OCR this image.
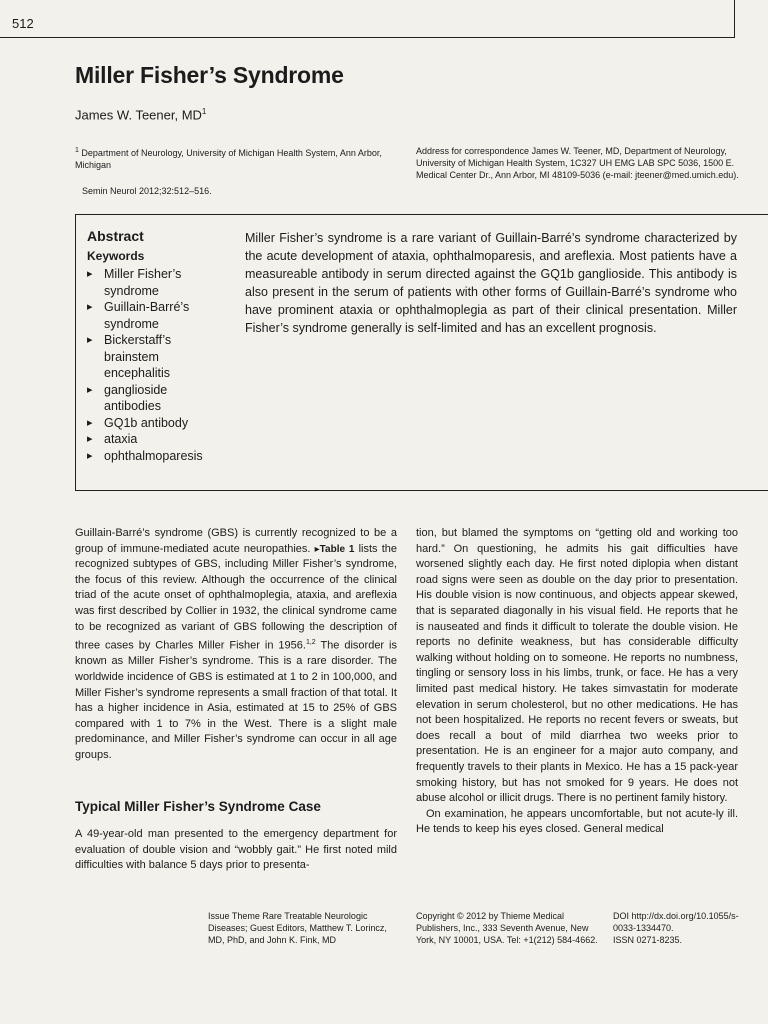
512
Miller Fisher’s Syndrome
James W. Teener, $MD^1$
$^1$ Department of Neurology, University of Michigan Health System, Ann Arbor, Michigan
Semin Neurol 2012;32:512–516.
Address for correspondence James W. Teener, MD, Department of Neurology, University of Michigan Health System, 1C327 UH EMG LAB SPC 5036, 1500 E. Medical Center Dr., Ann Arbor, MI 48109-5036 (e-mail: jteener@med.umich.edu).
Abstract
Keywords
▸ Miller Fisher’s syndrome
▸ Guillain-Barré’s syndrome
▸ Bickerstaff’s brainstem encephalitis
▸ ganglioside antibodies
▸ GQ1b antibody
▸ ataxia
▸ ophthalmoparesis
Miller Fisher’s syndrome is a rare variant of Guillain-Barré’s syndrome characterized by the acute development of ataxia, ophthalmoparesis, and areflexia. Most patients have a measureable antibody in serum directed against the GQ1b ganglioside. This antibody is also present in the serum of patients with other forms of Guillain-Barré’s syndrome who have prominent ataxia or ophthalmoplegia as part of their clinical presentation. Miller Fisher’s syndrome generally is self-limited and has an excellent prognosis.

Guillain-Barré’s syndrome (GBS) is currently recognized to be a group of immune-mediated acute neuropathies. ▸Table 1 lists the recognized subtypes of GBS, including Miller Fisher’s syndrome, the focus of this review. Although the occurrence of the clinical triad of the acute onset of ophthalmoplegia, ataxia, and areflexia was first described by Collier in 1932, the clinical syndrome came to be recognized as variant of GBS following the description of three cases by Charles Miller Fisher in 1956.$^{1,2}$ The disorder is known as Miller Fisher’s syndrome. This is a rare disorder. The worldwide incidence of GBS is estimated at 1 to 2 in 100,000, and Miller Fisher’s syndrome represents a small fraction of that total. It has a higher incidence in Asia, estimated at 15 to 25% of GBS compared with 1 to 7% in the West. There is a slight male predominance, and Miller Fisher’s syndrome can occur in all age groups.

Typical Miller Fisher’s Syndrome Case

A 49-year-old man presented to the emergency department for evaluation of double vision and “wobbly gait.” He first noted mild difficulties with balance 5 days prior to presenta-

tion, but blamed the symptoms on “getting old and working too hard.” On questioning, he admits his gait difficulties have worsened slightly each day. He first noted diplopia when distant road signs were seen as double on the day prior to presentation. His double vision is now continuous, and objects appear skewed, that is separated diagonally in his visual field. He reports that he is nauseated and finds it difficult to tolerate the double vision. He reports no definite weakness, but has considerable difficulty walking without holding on to someone. He reports no numbness, tingling or sensory loss in his limbs, trunk, or face. He has a very limited past medical history. He takes simvastatin for moderate elevation in serum cholesterol, but no other medications. He has not been hospitalized. He reports no recent fevers or sweats, but does recall a bout of mild diarrhea two weeks prior to presentation. He is an engineer for a major auto company, and frequently travels to their plants in Mexico. He has a 15 pack-year smoking history, but has not smoked for 9 years. He does not abuse alcohol or illicit drugs. There is no pertinent family history.

On examination, he appears uncomfortable, but not acute-ly ill. He tends to keep his eyes closed. General medical

Issue Theme Rare Treatable Neurologic Diseases; Guest Editors, Matthew T. Lorincz, MD, PhD, and John K. Fink, MD
Copyright © 2012 by Thieme Medical Publishers, Inc., 333 Seventh Avenue, New York, NY 10001, USA. Tel: +1(212) 584-4662.
DOI http://dx.doi.org/10.1055/s-0033-1334470.
ISSN 0271-8235.
